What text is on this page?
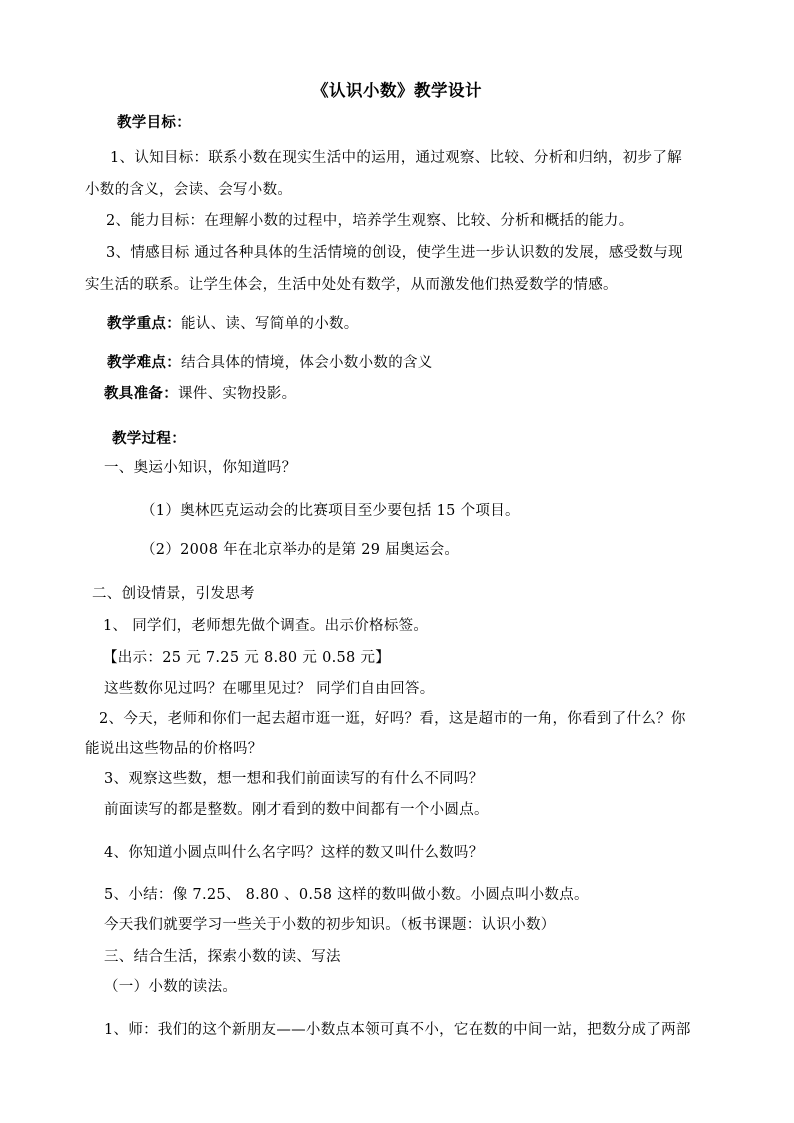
《认识小数》教学设计
教学目标：
1、认知目标：联系小数在现实生活中的运用，通过观察、比较、分析和归纳，初步了解
小数的含义，会读、会写小数。
2、能力目标：在理解小数的过程中，培养学生观察、比较、分析和概括的能力。
3、情感目标 通过各种具体的生活情境的创设，使学生进一步认识数的发展，感受数与现
实生活的联系。让学生体会，生活中处处有数学，从而激发他们热爱数学的情感。
教学重点：能认、读、写简单的小数。
教学难点：结合具体的情境，体会小数小数的含义
教具准备：课件、实物投影。
教学过程：
一、奥运小知识，你知道吗？
（1）奥林匹克运动会的比赛项目至少要包括 15 个项目。
（2）2008 年在北京举办的是第 29 届奥运会。
二、创设情景，引发思考
1、 同学们，老师想先做个调查。出示价格标签。
【出示：25 元 7.25 元 8.80 元 0.58 元】
这些数你见过吗？在哪里见过？ 同学们自由回答。
2、今天，老师和你们一起去超市逛一逛，好吗？看，这是超市的一角，你看到了什么？你
能说出这些物品的价格吗？
3、观察这些数，想一想和我们前面读写的有什么不同吗？
前面读写的都是整数。刚才看到的数中间都有一个小圆点。
4、你知道小圆点叫什么名字吗？这样的数又叫什么数吗？
5、小结：像 7.25、 8.80 、0.58 这样的数叫做小数。小圆点叫小数点。
今天我们就要学习一些关于小数的初步知识。（板书课题：认识小数）
三、结合生活，探索小数的读、写法
（一）小数的读法。
1、师：我们的这个新朋友——小数点本领可真不小，它在数的中间一站，把数分成了两部
